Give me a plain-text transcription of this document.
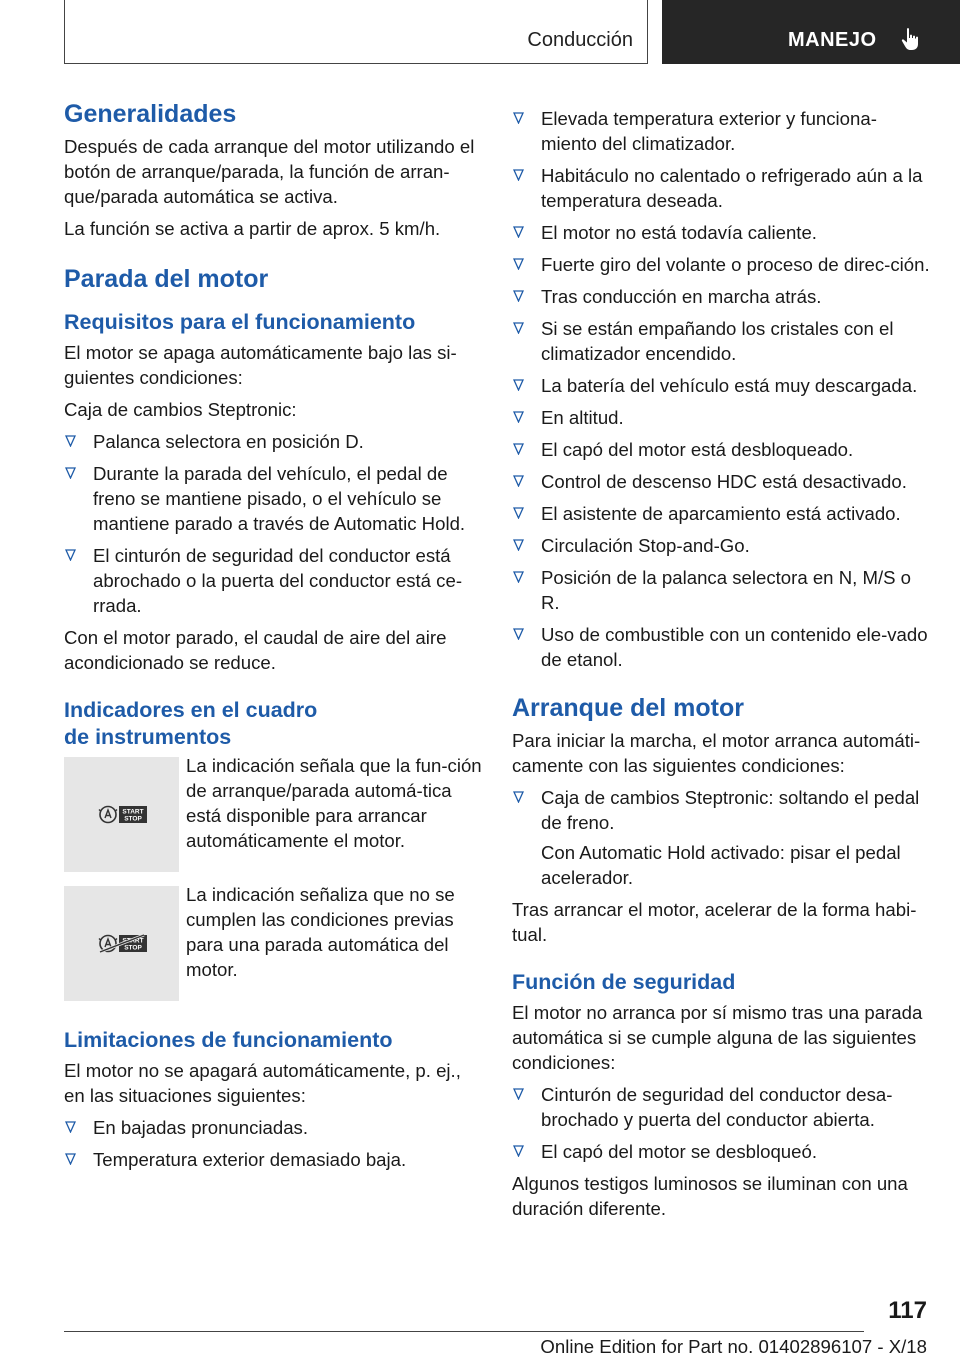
Conducción	MANEJO
Generalidades
Después de cada arranque del motor utilizando el botón de arranque/parada, la función de arran-que/parada automática se activa.
La función se activa a partir de aprox. 5 km/h.
Parada del motor
Requisitos para el funcionamiento
El motor se apaga automáticamente bajo las si-guientes condiciones:
Caja de cambios Steptronic:
Palanca selectora en posición D.
Durante la parada del vehículo, el pedal de freno se mantiene pisado, o el vehículo se mantiene parado a través de Automatic Hold.
El cinturón de seguridad del conductor está abrochado o la puerta del conductor está ce-rrada.
Con el motor parado, el caudal de aire del aire acondicionado se reduce.
Indicadores en el cuadro
de instrumentos
START
STOP
La indicación señala que la fun-ción de arranque/parada automá-tica está disponible para arrancar automáticamente el motor.
START
STOP
La indicación señaliza que no se cumplen las condiciones previas para una parada automática del motor.
Limitaciones de funcionamiento
El motor no se apagará automáticamente, p. ej., en las situaciones siguientes:
En bajadas pronunciadas.
Temperatura exterior demasiado baja.
Elevada temperatura exterior y funciona-miento del climatizador.
Habitáculo no calentado o refrigerado aún a la temperatura deseada.
El motor no está todavía caliente.
Fuerte giro del volante o proceso de direc-ción.
Tras conducción en marcha atrás.
Si se están empañando los cristales con el climatizador encendido.
La batería del vehículo está muy descargada.
En altitud.
El capó del motor está desbloqueado.
Control de descenso HDC está desactivado.
El asistente de aparcamiento está activado.
Circulación Stop-and-Go.
Posición de la palanca selectora en N, M/S o R.
Uso de combustible con un contenido ele-vado de etanol.
Arranque del motor
Para iniciar la marcha, el motor arranca automáti-camente con las siguientes condiciones:
Caja de cambios Steptronic: soltando el pedal de freno.
Con Automatic Hold activado: pisar el pedal acelerador.
Tras arrancar el motor, acelerar de la forma habi-tual.
Función de seguridad
El motor no arranca por sí mismo tras una parada automática si se cumple alguna de las siguientes condiciones:
Cinturón de seguridad del conductor desa-brochado y puerta del conductor abierta.
El capó del motor se desbloqueó.
Algunos testigos luminosos se iluminan con una duración diferente.
117
Online Edition for Part no. 01402896107 - X/18
